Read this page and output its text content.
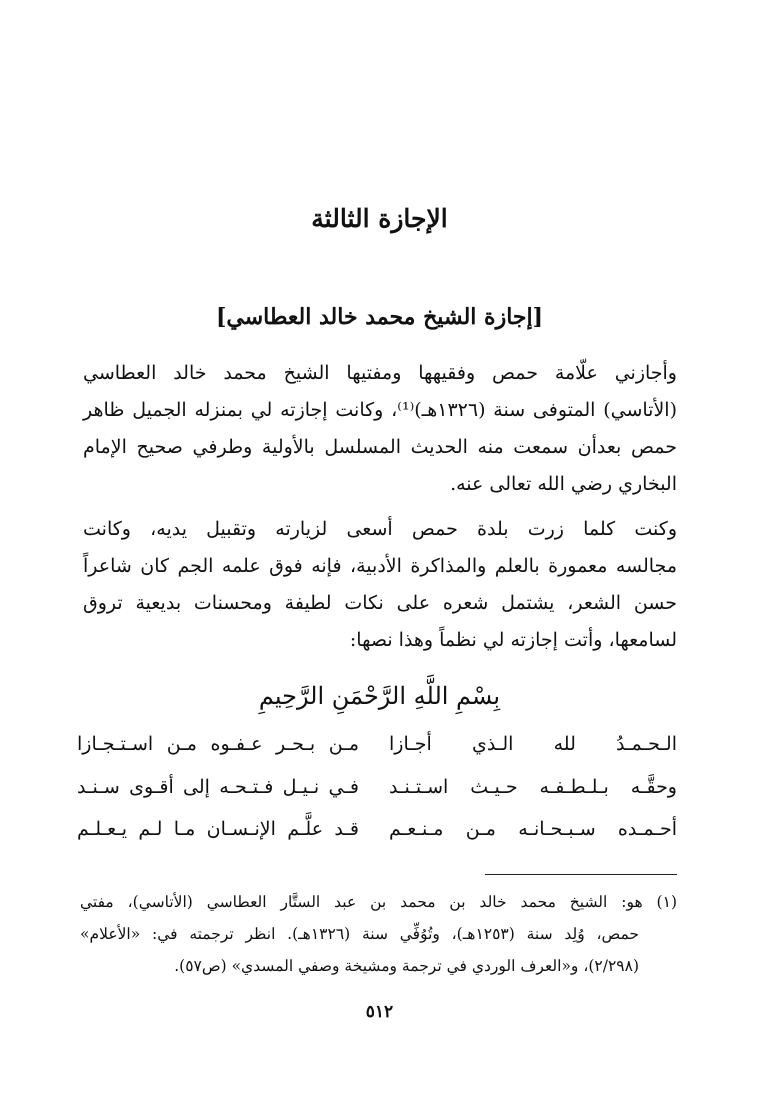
الإجازة الثالثة
[إجازة الشيخ محمد خالد العطاسي]
وأجازني علّامة حمص وفقيهها ومفتيها الشيخ محمد خالد العطاسي
(الأتاسي) المتوفى سنة (١٣٢٦هـ)⁽¹⁾، وكانت إجازته لي بمنزله الجميل ظاهر
حمص بعدأن سمعت منه الحديث المسلسل بالأولية وطرفي صحيح الإمام
البخاري رضي الله تعالى عنه.
وكنت كلما زرت بلدة حمص أسعى لزيارته وتقبيل يديه، وكانت
مجالسه معمورة بالعلم والمذاكرة الأدبية، فإنه فوق علمه الجم كان شاعراً
حسن الشعر، يشتمل شعره على نكات لطيفة ومحسنات بديعية تروق
لسامعها، وأتت إجازته لي نظماً وهذا نصها:
بِسْمِ اللَّهِ الرَّحْمَنِ الرَّحِيمِ
الـحـمـدُ لله الـذي أجـازا
مـن بـحـر عـفـوه مـن اسـتـجـازا
وحقَّـه بـلـطـفـه حـيـث اسـتـنـد
فـي نـيـل فـتـحـه إلى أقـوى سـنـد
أحـمـده سـبـحـانـه مـن مـنـعـم
قـد علَّـم الإنـسـان مـا لـم يـعـلـم
(١) هو: الشيخ محمد خالد بن محمد بن عبد الستَّار العطاسي (الأتاسي)، مفتي
حمص، وُلِد سنة (١٢٥٣هـ)، وتُوُفِّي سنة (١٣٢٦هـ). انظر ترجمته في: «الأعلام»
(٢/٢٩٨)، و«العرف الوردي في ترجمة ومشيخة وصفي المسدي» (ص٥٧).
٥١٢
